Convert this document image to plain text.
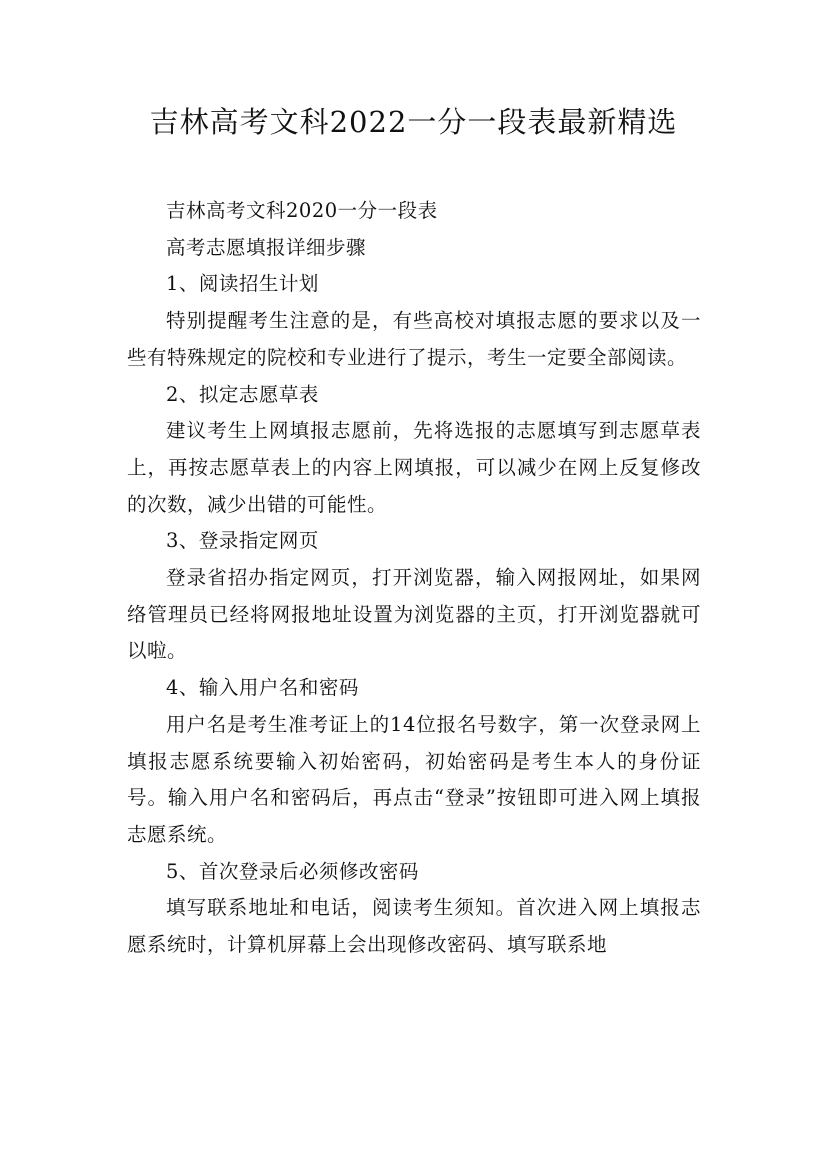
吉林高考文科2022一分一段表最新精选

吉林高考文科2020一分一段表

高考志愿填报详细步骤

1、阅读招生计划

特别提醒考生注意的是，有些高校对填报志愿的要求以及一些有特殊规定的院校和专业进行了提示，考生一定要全部阅读。

2、拟定志愿草表

建议考生上网填报志愿前，先将选报的志愿填写到志愿草表上，再按志愿草表上的内容上网填报，可以减少在网上反复修改的次数，减少出错的可能性。

3、登录指定网页

登录省招办指定网页，打开浏览器，输入网报网址，如果网络管理员已经将网报地址设置为浏览器的主页，打开浏览器就可以啦。

4、输入用户名和密码

用户名是考生准考证上的14位报名号数字，第一次登录网上填报志愿系统要输入初始密码，初始密码是考生本人的身份证号。输入用户名和密码后，再点击“登录”按钮即可进入网上填报志愿系统。

5、首次登录后必须修改密码

填写联系地址和电话，阅读考生须知。首次进入网上填报志愿系统时，计算机屏幕上会出现修改密码、填写联系地
